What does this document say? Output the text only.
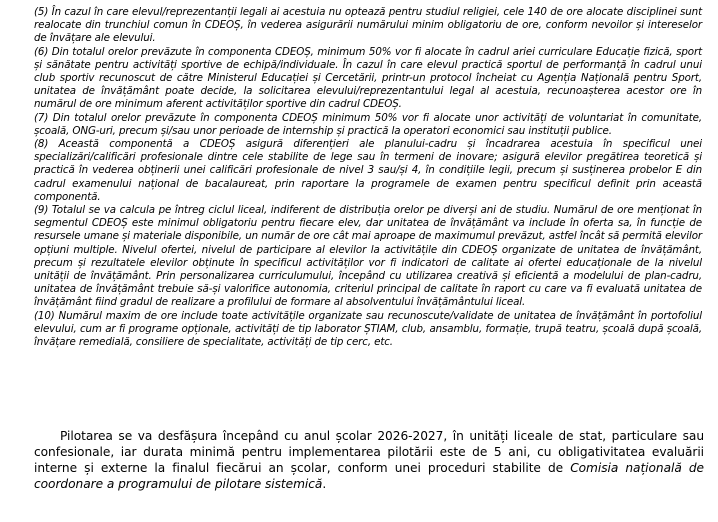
(5) În cazul în care elevul/reprezentanții legali ai acestuia nu optează pentru studiul religiei, cele 140 de ore alocate disciplinei sunt realocate din trunchiul comun în CDEOȘ, în vederea asigurării numărului minim obligatoriu de ore, conform nevoilor și intereselor de învățare ale elevului.

(6) Din totalul orelor prevăzute în componenta CDEOȘ, minimum 50% vor fi alocate în cadrul ariei curriculare Educație fizică, sport și sănătate pentru activități sportive de echipă/individuale. În cazul în care elevul practică sportul de performanță în cadrul unui club sportiv recunoscut de către Ministerul Educației și Cercetării, printr-un protocol încheiat cu Agenția Națională pentru Sport, unitatea de învățământ poate decide, la solicitarea elevului/reprezentantului legal al acestuia, recunoașterea acestor ore în numărul de ore minimum aferent activităților sportive din cadrul CDEOȘ.

(7) Din totalul orelor prevăzute în componenta CDEOȘ minimum 50% vor fi alocate unor activități de voluntariat în comunitate, școală, ONG-uri, precum și/sau unor perioade de internship și practică la operatori economici sau instituții publice.

(8) Această componentă a CDEOȘ asigură diferențieri ale planului-cadru și încadrarea acestuia în specificul unei specializări/calificări profesionale dintre cele stabilite de lege sau în termeni de inovare; asigură elevilor pregătirea teoretică și practică în vederea obținerii unei calificări profesionale de nivel 3 sau/și 4, în condițiile legii, precum și susținerea probelor E din cadrul examenului național de bacalaureat, prin raportare la programele de examen pentru specificul definit prin această componentă.

(9) Totalul se va calcula pe întreg ciclul liceal, indiferent de distribuția orelor pe diverși ani de studiu. Numărul de ore menționat în segmentul CDEOȘ este minimul obligatoriu pentru fiecare elev, dar unitatea de învățământ va include în oferta sa, în funcție de resursele umane și materiale disponibile, un număr de ore cât mai aproape de maximumul prevăzut, astfel încât să permită elevilor opțiuni multiple. Nivelul ofertei, nivelul de participare al elevilor la activitățile din CDEOȘ organizate de unitatea de învățământ, precum și rezultatele elevilor obținute în specificul activităților vor fi indicatori de calitate ai ofertei educaționale de la nivelul unității de învățământ. Prin personalizarea curriculumului, începând cu utilizarea creativă și eficientă a modelului de plan-cadru, unitatea de învățământ trebuie să-și valorifice autonomia, criteriul principal de calitate în raport cu care va fi evaluată unitatea de învățământ fiind gradul de realizare a profilului de formare al absolventului învățământului liceal.

(10) Numărul maxim de ore include toate activitățile organizate sau recunoscute/validate de unitatea de învățământ în portofoliul elevului, cum ar fi programe opționale, activități de tip laborator ȘTIAM, club, ansamblu, formație, trupă teatru, școală după școală, învățare remedială, consiliere de specialitate, activități de tip cerc, etc.

Pilotarea se va desfășura începând cu anul școlar 2026-2027, în unități liceale de stat, particulare sau confesionale, iar durata minimă pentru implementarea pilotării este de 5 ani, cu obligativitatea evaluării interne și externe la finalul fiecărui an școlar, conform unei proceduri stabilite de Comisia națională de coordonare a programului de pilotare sistemică.
